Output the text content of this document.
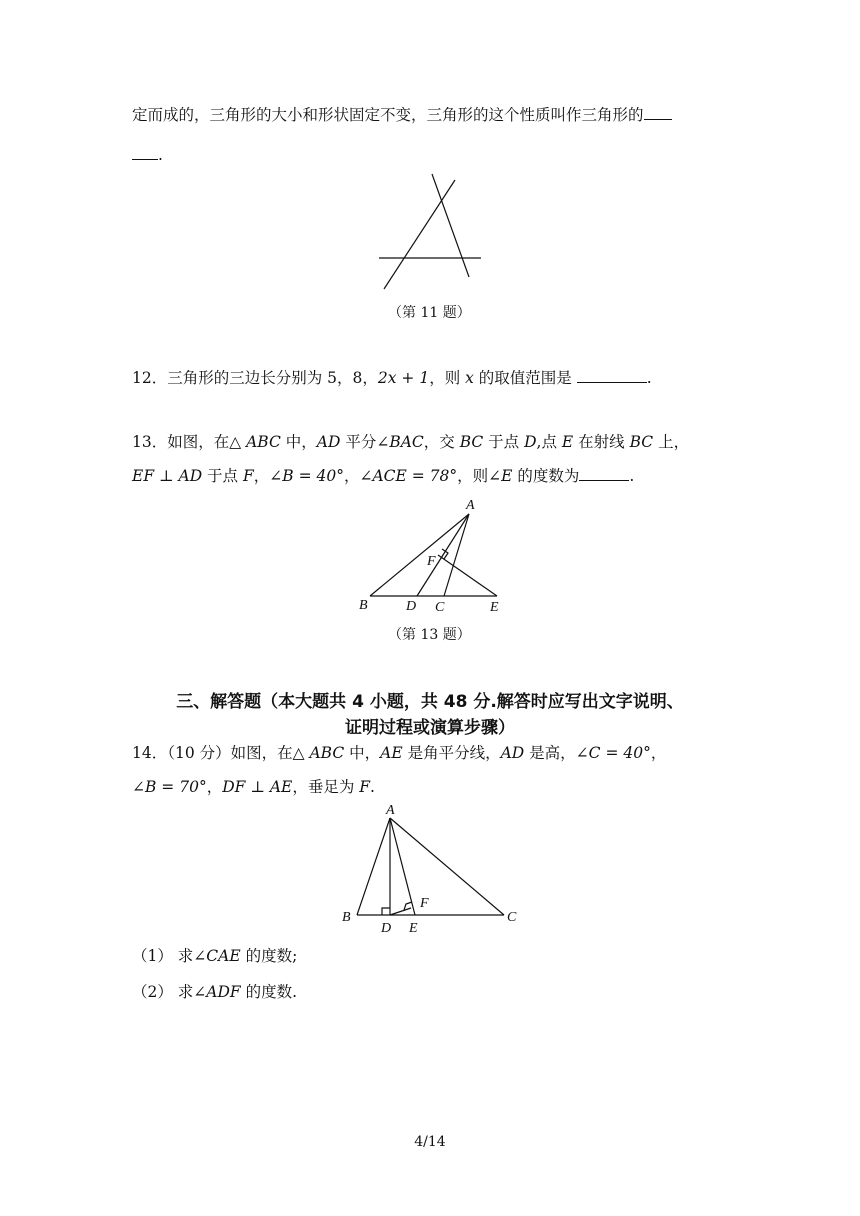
定而成的，三角形的大小和形状固定不变，三角形的这个性质叫作三角形的
.
（第 11 题）
12．三角形的三边长分别为 5，8，2x + 1，则 x 的取值范围是	.
13．如图，在△ ABC 中，AD 平分∠BAC，交 BC 于点 D,点 E 在射线 BC 上，
EF ⊥ AD 于点 F，∠B = 40°，∠ACE = 78°，则∠E 的度数为	.
A
B	C
D	E
F
（第 13 题）
三、解答题（本大题共 4 小题，共 48 分.解答时应写出文字说明、
证明过程或演算步骤）
14．（10 分）如图，在△ ABC 中，AE 是角平分线，AD 是高，∠C = 40°，
∠B = 70°，DF ⊥ AE，垂足为 F.
A
B	C
D E
F
（1） 求∠CAE 的度数;
（2） 求∠ADF 的度数.
4/14
